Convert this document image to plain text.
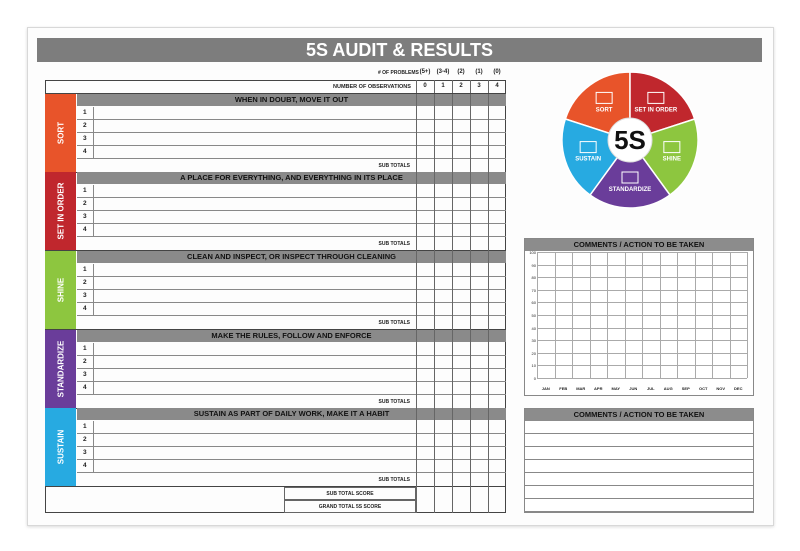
5S AUDIT & RESULTS
# OF PROBLEMS
NUMBER OF OBSERVATIONS
(5+)	(3-4)	(2)	(1)	(0)
0	1	2	3	4
SORT
WHEN IN DOUBT, MOVE IT OUT
1
2
3
4
SUB TOTALS
SET IN ORDER
A PLACE FOR EVERYTHING, AND EVERYTHING IN ITS PLACE
1
2
3
4
SUB TOTALS
SHINE
CLEAN AND INSPECT, OR INSPECT THROUGH CLEANING
1
2
3
4
SUB TOTALS
STANDARDIZE
MAKE THE RULES, FOLLOW AND ENFORCE
1
2
3
4
SUB TOTALS
SUSTAIN
SUSTAIN AS PART OF DAILY WORK, MAKE IT A HABIT
1
2
3
4
SUB TOTALS
SUB TOTAL SCORE
GRAND TOTAL 5S SCORE
SORT	SET IN ORDER
SHINE
STANDARDIZE
SUSTAIN
5S
COMMENTS / ACTION TO BE TAKEN
100
90
80
70
60
50
40
30
20
10
0
JAN	FEB	MAR	APR	MAY	JUN	JUL	AUG	SEP	OCT	NOV	DEC
COMMENTS / ACTION TO BE TAKEN
